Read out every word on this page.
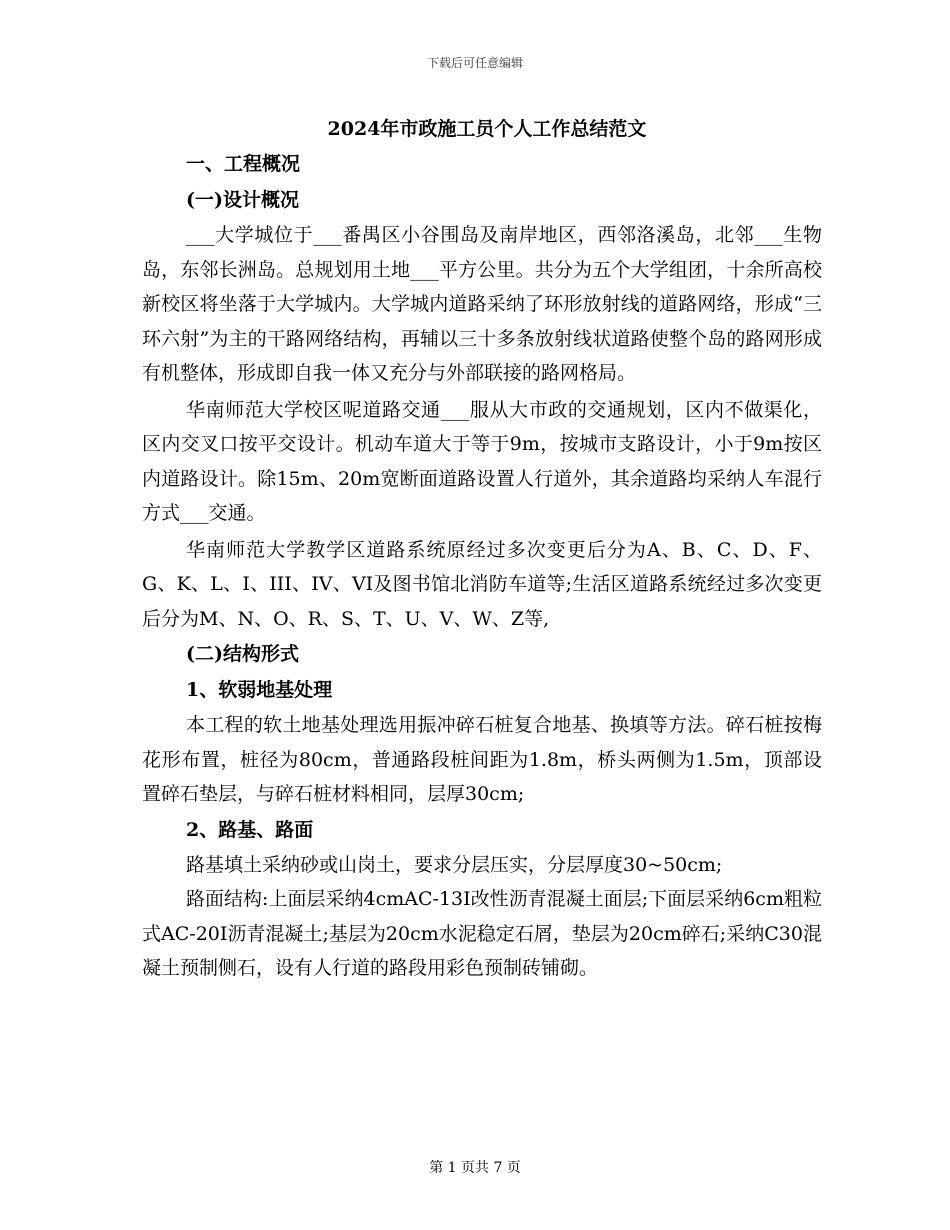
下载后可任意编辑
2024年市政施工员个人工作总结范文
一、工程概况
(一)设计概况

___大学城位于___番禺区小谷围岛及南岸地区，西邻洛溪岛，北邻___生物岛，东邻长洲岛。总规划用土地___平方公里。共分为五个大学组团，十余所高校新校区将坐落于大学城内。大学城内道路采纳了环形放射线的道路网络，形成“三环六射”为主的干路网络结构，再辅以三十多条放射线状道路使整个岛的路网形成有机整体，形成即自我一体又充分与外部联接的路网格局。

华南师范大学校区呢道路交通___服从大市政的交通规划，区内不做渠化，区内交叉口按平交设计。机动车道大于等于9m，按城市支路设计，小于9m按区内道路设计。除15m、20m宽断面道路设置人行道外，其余道路均采纳人车混行方式___交通。

华南师范大学教学区道路系统原经过多次变更后分为A、B、C、D、F、G、K、L、I、III、IV、VI及图书馆北消防车道等;生活区道路系统经过多次变更后分为M、N、O、R、S、T、U、V、W、Z等,

(二)结构形式
1、软弱地基处理

本工程的软土地基处理选用振冲碎石桩复合地基、换填等方法。碎石桩按梅花形布置，桩径为80cm，普通路段桩间距为1.8m，桥头两侧为1.5m，顶部设置碎石垫层，与碎石桩材料相同，层厚30cm;

2、路基、路面

路基填土采纳砂或山岗土，要求分层压实，分层厚度30~50cm;

路面结构:上面层采纳4cmAC-13I改性沥青混凝土面层;下面层采纳6cm粗粒式AC-20I沥青混凝土;基层为20cm水泥稳定石屑，垫层为20cm碎石;采纳C30混凝土预制侧石，设有人行道的路段用彩色预制砖铺砌。

第 1 页共 7 页
